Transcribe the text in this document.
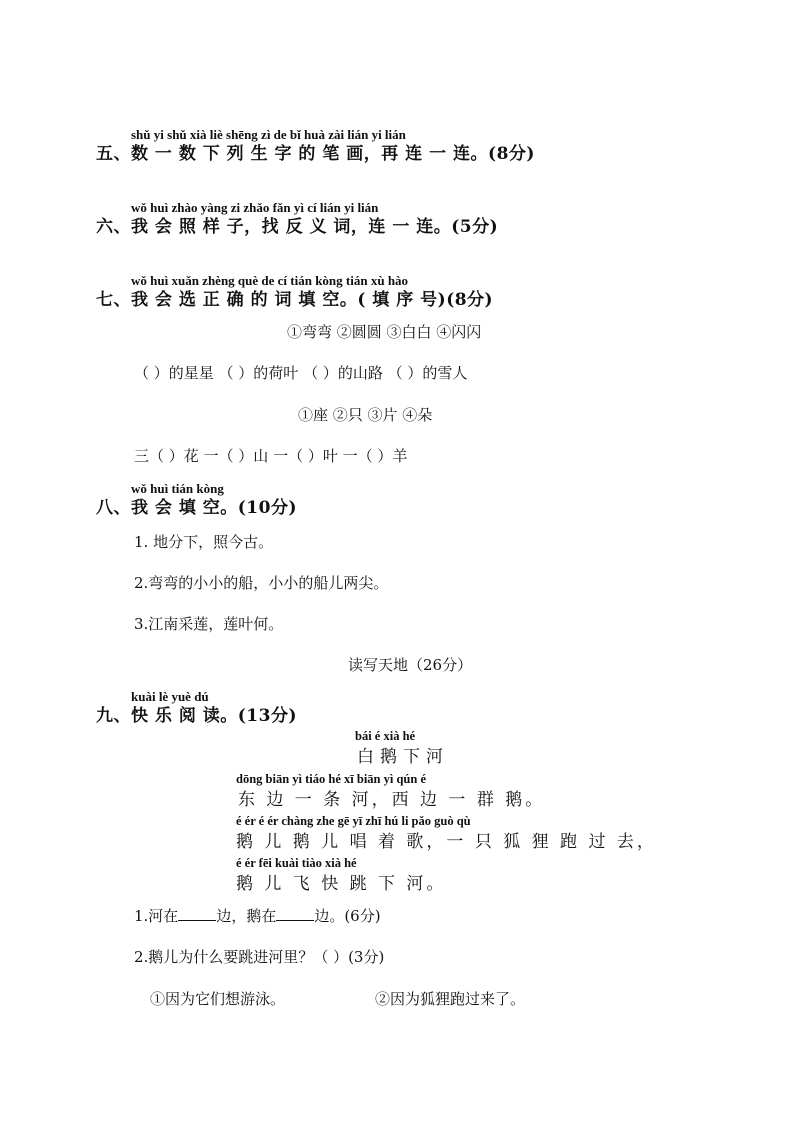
shǔ yi shǔ xià liè shēng zì de bǐ huà zài lián yi lián
五、数 一 数 下 列 生 字 的 笔 画，再 连 一 连。(8分)
wǒ huì zhào yàng zi zhǎo fǎn yì cí lián yi lián
六、我 会 照 样 子，找 反 义 词，连 一 连。(5分)
wǒ huì xuǎn zhèng què de cí tián kòng tián xù hào
七、我 会 选 正 确 的 词 填 空。( 填 序 号)(8分)
①弯弯 ②圆圆 ③白白 ④闪闪
（ ）的星星 （ ）的荷叶 （ ）的山路 （ ）的雪人
①座 ②只 ③片 ④朵
三（ ）花 一（ ）山 一（ ）叶 一（ ）羊
wǒ huì tián kòng
八、我 会 填 空。(10分)
1. 地分下，照今古。
2.弯弯的小小的船，小小的船儿两尖。
3.江南采莲，莲叶何。
读写天地（26分）
kuài lè yuè dú
九、快 乐 阅 读。(13分)
bái é xià hé
白鹅下河
dōng biān yì tiáo hé xī biān yì qún é
东 边 一 条 河，西 边 一 群 鹅。
é ér é ér chàng zhe gē yī zhī hú li pǎo guò qù
鹅 儿 鹅 儿 唱 着 歌，一 只 狐 狸 跑 过 去，
é ér fēi kuài tiào xià hé
鹅 儿 飞 快 跳 下 河。
1.河在	边，鹅在	边。(6分)
2.鹅儿为什么要跳进河里？（ ）(3分)
①因为它们想游泳。	②因为狐狸跑过来了。
